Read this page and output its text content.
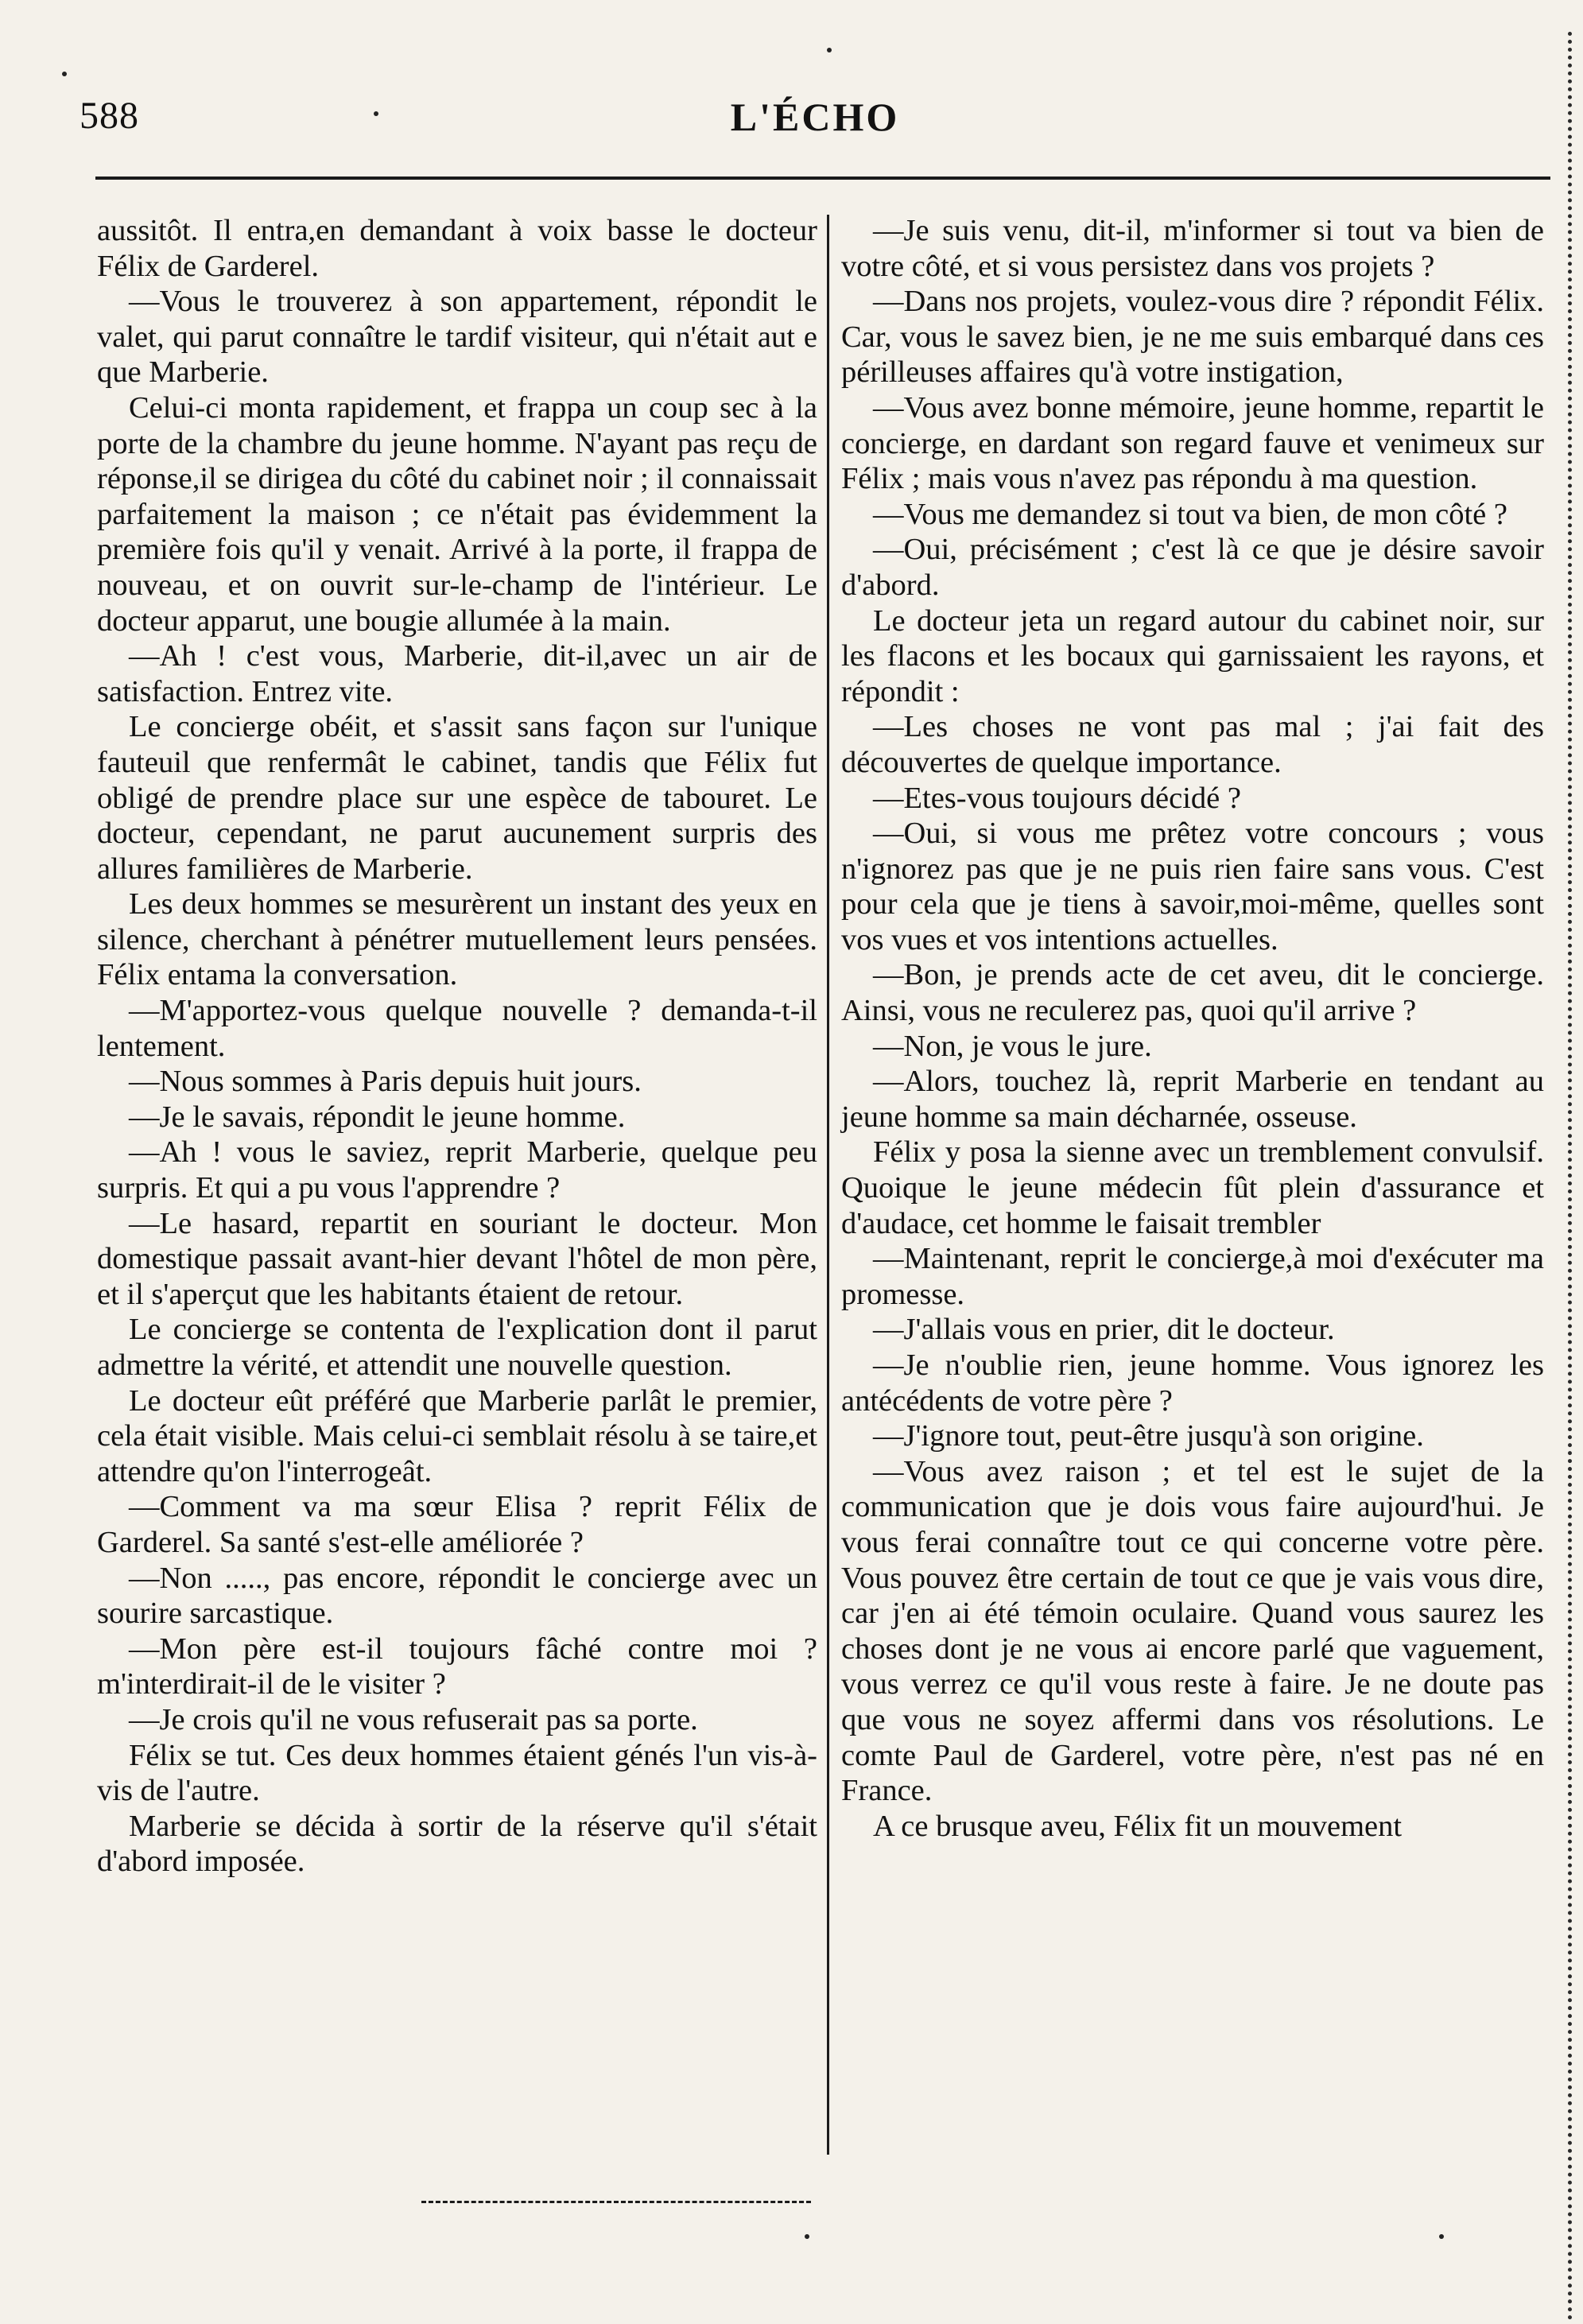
588	L'ÉCHO

aussitôt. Il entra,en demandant à voix basse le docteur Félix de Garderel.

—Vous le trouverez à son appartement, répondit le valet, qui parut connaître le tardif visiteur, qui n'était aut e que Marberie.

Celui-ci monta rapidement, et frappa un coup sec à la porte de la chambre du jeune homme. N'ayant pas reçu de réponse,il se dirigea du côté du cabinet noir ; il connaissait parfaitement la maison ; ce n'était pas évidemment la première fois qu'il y venait. Arrivé à la porte, il frappa de nouveau, et on ouvrit sur-le-champ de l'intérieur. Le docteur apparut, une bougie allumée à la main.

—Ah ! c'est vous, Marberie, dit-il,avec un air de satisfaction. Entrez vite.

Le concierge obéit, et s'assit sans façon sur l'unique fauteuil que renfermât le cabinet, tandis que Félix fut obligé de prendre place sur une espèce de tabouret. Le docteur, cependant, ne parut aucunement surpris des allures familières de Marberie.

Les deux hommes se mesurèrent un instant des yeux en silence, cherchant à pénétrer mutuellement leurs pensées. Félix entama la conversation.

—M'apportez-vous quelque nouvelle ? demanda-t-il lentement.

—Nous sommes à Paris depuis huit jours.

—Je le savais, répondit le jeune homme.

—Ah ! vous le saviez, reprit Marberie, quelque peu surpris. Et qui a pu vous l'apprendre ?

—Le hasard, repartit en souriant le docteur. Mon domestique passait avant-hier devant l'hôtel de mon père, et il s'aperçut que les habitants étaient de retour.

Le concierge se contenta de l'explication dont il parut admettre la vérité, et attendit une nouvelle question.

Le docteur eût préféré que Marberie parlât le premier, cela était visible. Mais celui-ci semblait résolu à se taire,et attendre qu'on l'interrogeât.

—Comment va ma sœur Elisa ? reprit Félix de Garderel. Sa santé s'est-elle améliorée ?

—Non ....., pas encore, répondit le concierge avec un sourire sarcastique.

—Mon père est-il toujours fâché contre moi ? m'interdirait-il de le visiter ?

—Je crois qu'il ne vous refuserait pas sa porte.

Félix se tut. Ces deux hommes étaient génés l'un vis-à-vis de l'autre.

Marberie se décida à sortir de la réserve qu'il s'était d'abord imposée.

—Je suis venu, dit-il, m'informer si tout va bien de votre côté, et si vous persistez dans vos projets ?

—Dans nos projets, voulez-vous dire ? répondit Félix. Car, vous le savez bien, je ne me suis embarqué dans ces périlleuses affaires qu'à votre instigation,

—Vous avez bonne mémoire, jeune homme, repartit le concierge, en dardant son regard fauve et venimeux sur Félix ; mais vous n'avez pas répondu à ma question.

—Vous me demandez si tout va bien, de mon côté ?

—Oui, précisément ; c'est là ce que je désire savoir d'abord.

Le docteur jeta un regard autour du cabinet noir, sur les flacons et les bocaux qui garnissaient les rayons, et répondit :

—Les choses ne vont pas mal ; j'ai fait des découvertes de quelque importance.

—Etes-vous toujours décidé ?

—Oui, si vous me prêtez votre concours ; vous n'ignorez pas que je ne puis rien faire sans vous. C'est pour cela que je tiens à savoir,moi-même, quelles sont vos vues et vos intentions actuelles.

—Bon, je prends acte de cet aveu, dit le concierge. Ainsi, vous ne reculerez pas, quoi qu'il arrive ?

—Non, je vous le jure.

—Alors, touchez là, reprit Marberie en tendant au jeune homme sa main décharnée, osseuse.

Félix y posa la sienne avec un tremblement convulsif. Quoique le jeune médecin fût plein d'assurance et d'audace, cet homme le faisait trembler

—Maintenant, reprit le concierge,à moi d'exécuter ma promesse.

—J'allais vous en prier, dit le docteur.

—Je n'oublie rien, jeune homme. Vous ignorez les antécédents de votre père ?

—J'ignore tout, peut-être jusqu'à son origine.

—Vous avez raison ; et tel est le sujet de la communication que je dois vous faire aujourd'hui. Je vous ferai connaître tout ce qui concerne votre père. Vous pouvez être certain de tout ce que je vais vous dire, car j'en ai été témoin oculaire. Quand vous saurez les choses dont je ne vous ai encore parlé que vaguement, vous verrez ce qu'il vous reste à faire. Je ne doute pas que vous ne soyez affermi dans vos résolutions. Le comte Paul de Garderel, votre père, n'est pas né en France.

A ce brusque aveu, Félix fit un mouvement
